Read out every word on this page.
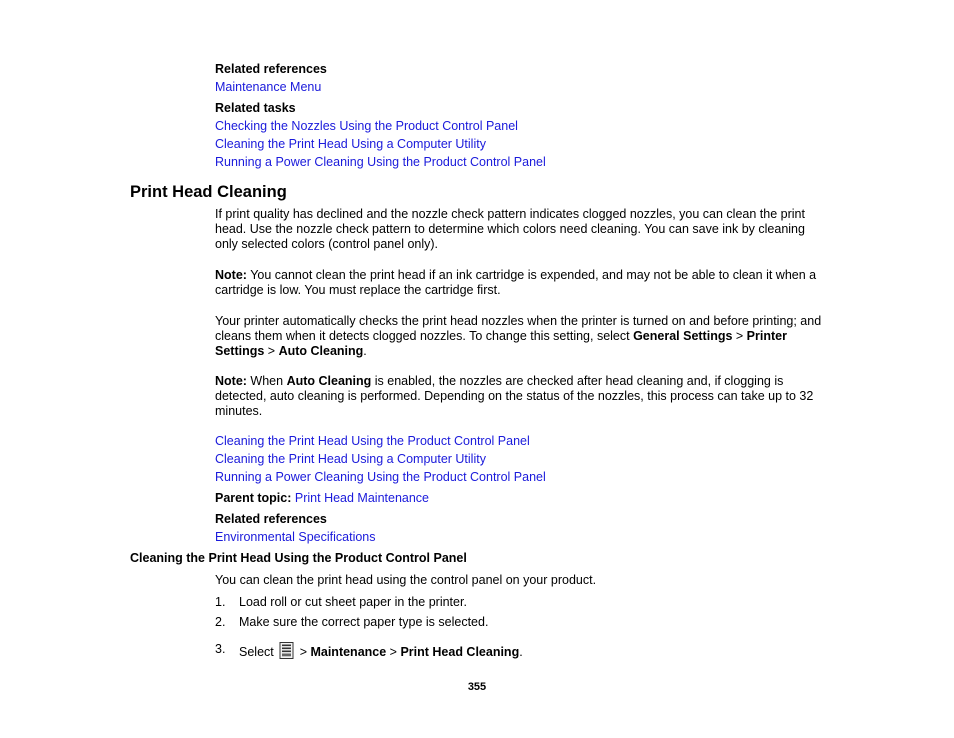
Related references
Maintenance Menu
Related tasks
Checking the Nozzles Using the Product Control Panel
Cleaning the Print Head Using a Computer Utility
Running a Power Cleaning Using the Product Control Panel
Print Head Cleaning
If print quality has declined and the nozzle check pattern indicates clogged nozzles, you can clean the print head. Use the nozzle check pattern to determine which colors need cleaning. You can save ink by cleaning only selected colors (control panel only).
Note: You cannot clean the print head if an ink cartridge is expended, and may not be able to clean it when a cartridge is low. You must replace the cartridge first.
Your printer automatically checks the print head nozzles when the printer is turned on and before printing; and cleans them when it detects clogged nozzles. To change this setting, select General Settings > Printer Settings > Auto Cleaning.
Note: When Auto Cleaning is enabled, the nozzles are checked after head cleaning and, if clogging is detected, auto cleaning is performed. Depending on the status of the nozzles, this process can take up to 32 minutes.
Cleaning the Print Head Using the Product Control Panel
Cleaning the Print Head Using a Computer Utility
Running a Power Cleaning Using the Product Control Panel
Parent topic: Print Head Maintenance
Related references
Environmental Specifications
Cleaning the Print Head Using the Product Control Panel
You can clean the print head using the control panel on your product.
1. Load roll or cut sheet paper in the printer.
2. Make sure the correct paper type is selected.
3. Select  > Maintenance > Print Head Cleaning.
355
